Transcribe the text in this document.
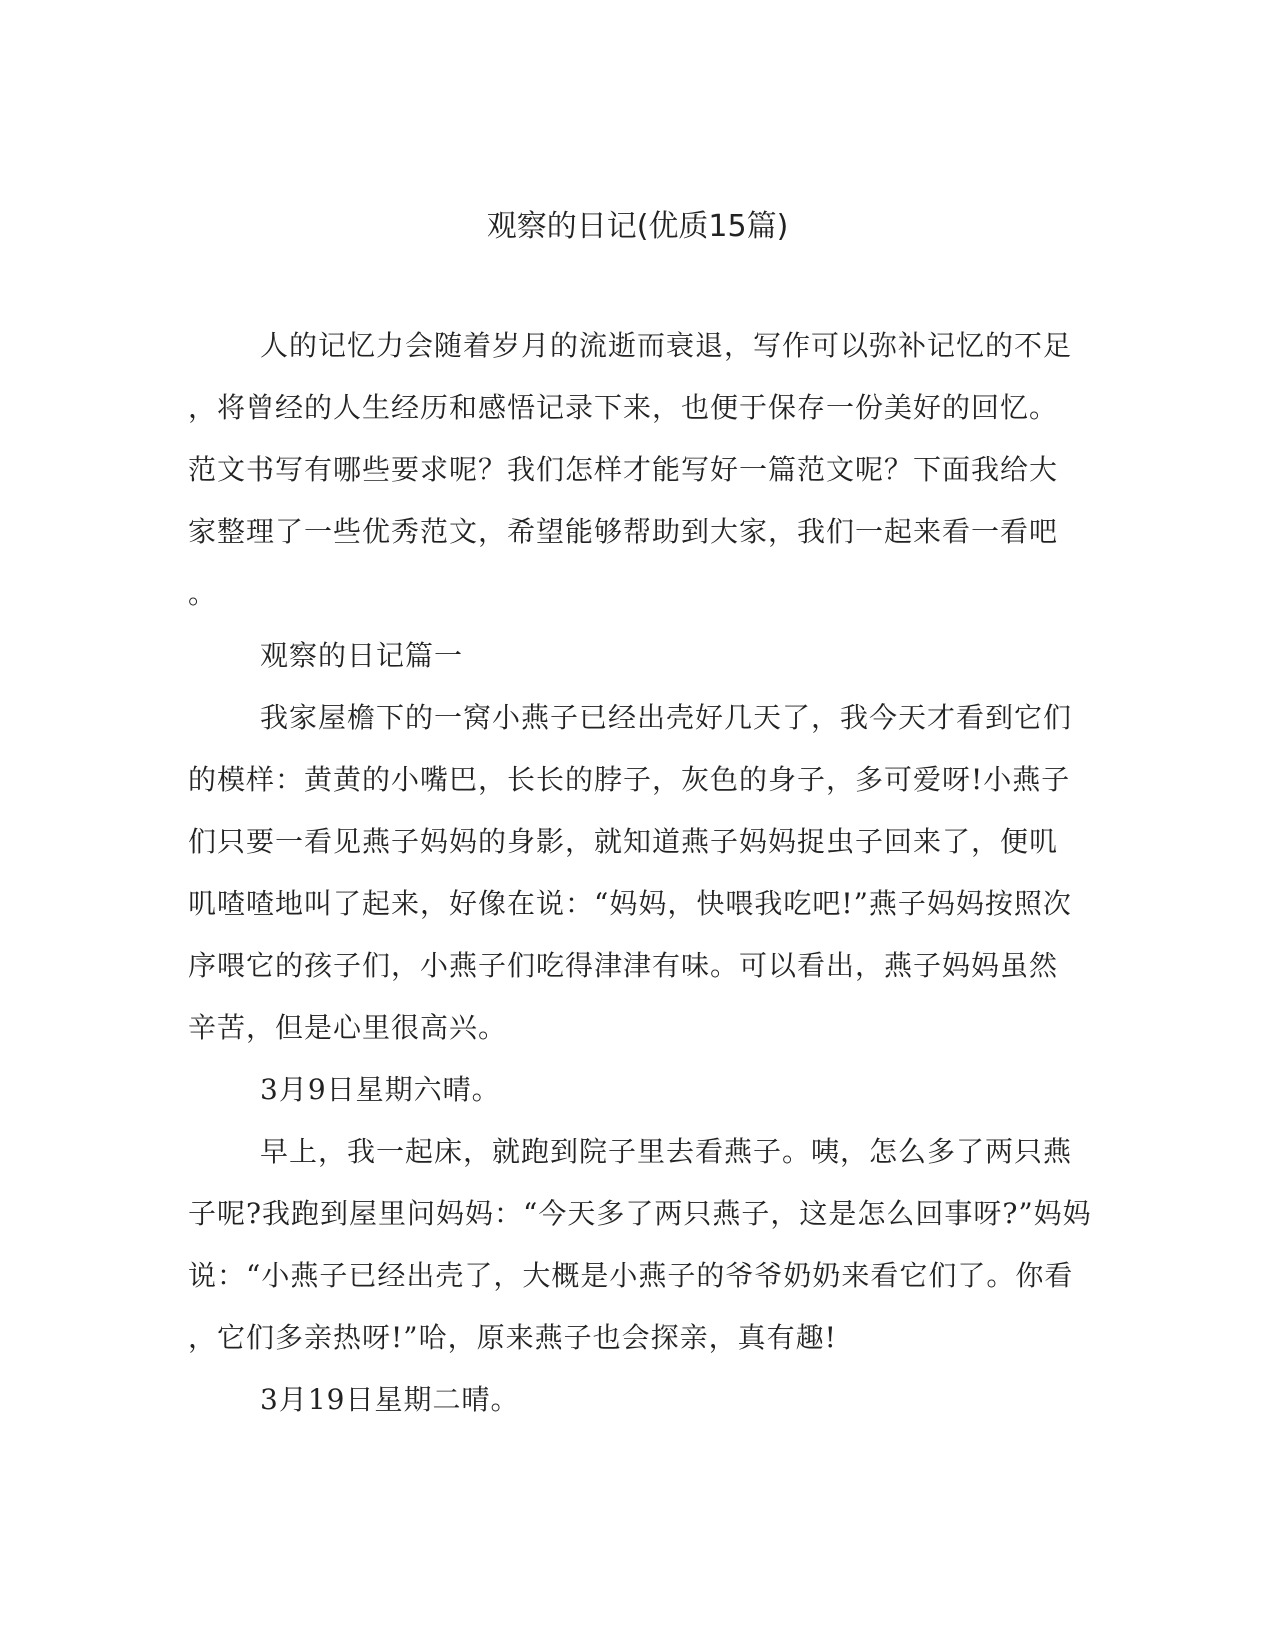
观察的日记(优质15篇)
人的记忆力会随着岁月的流逝而衰退，写作可以弥补记忆的不足
，将曾经的人生经历和感悟记录下来，也便于保存一份美好的回忆。
范文书写有哪些要求呢？我们怎样才能写好一篇范文呢？下面我给大
家整理了一些优秀范文，希望能够帮助到大家，我们一起来看一看吧
。
观察的日记篇一
我家屋檐下的一窝小燕子已经出壳好几天了，我今天才看到它们
的模样：黄黄的小嘴巴，长长的脖子，灰色的身子，多可爱呀!小燕子
们只要一看见燕子妈妈的身影，就知道燕子妈妈捉虫子回来了，便叽
叽喳喳地叫了起来，好像在说：“妈妈，快喂我吃吧!”燕子妈妈按照次
序喂它的孩子们，小燕子们吃得津津有味。可以看出，燕子妈妈虽然
辛苦，但是心里很高兴。
3月9日星期六晴。
早上，我一起床，就跑到院子里去看燕子。咦，怎么多了两只燕
子呢?我跑到屋里问妈妈：“今天多了两只燕子，这是怎么回事呀?”妈妈
说：“小燕子已经出壳了，大概是小燕子的爷爷奶奶来看它们了。你看
，它们多亲热呀!”哈，原来燕子也会探亲，真有趣!
3月19日星期二晴。
